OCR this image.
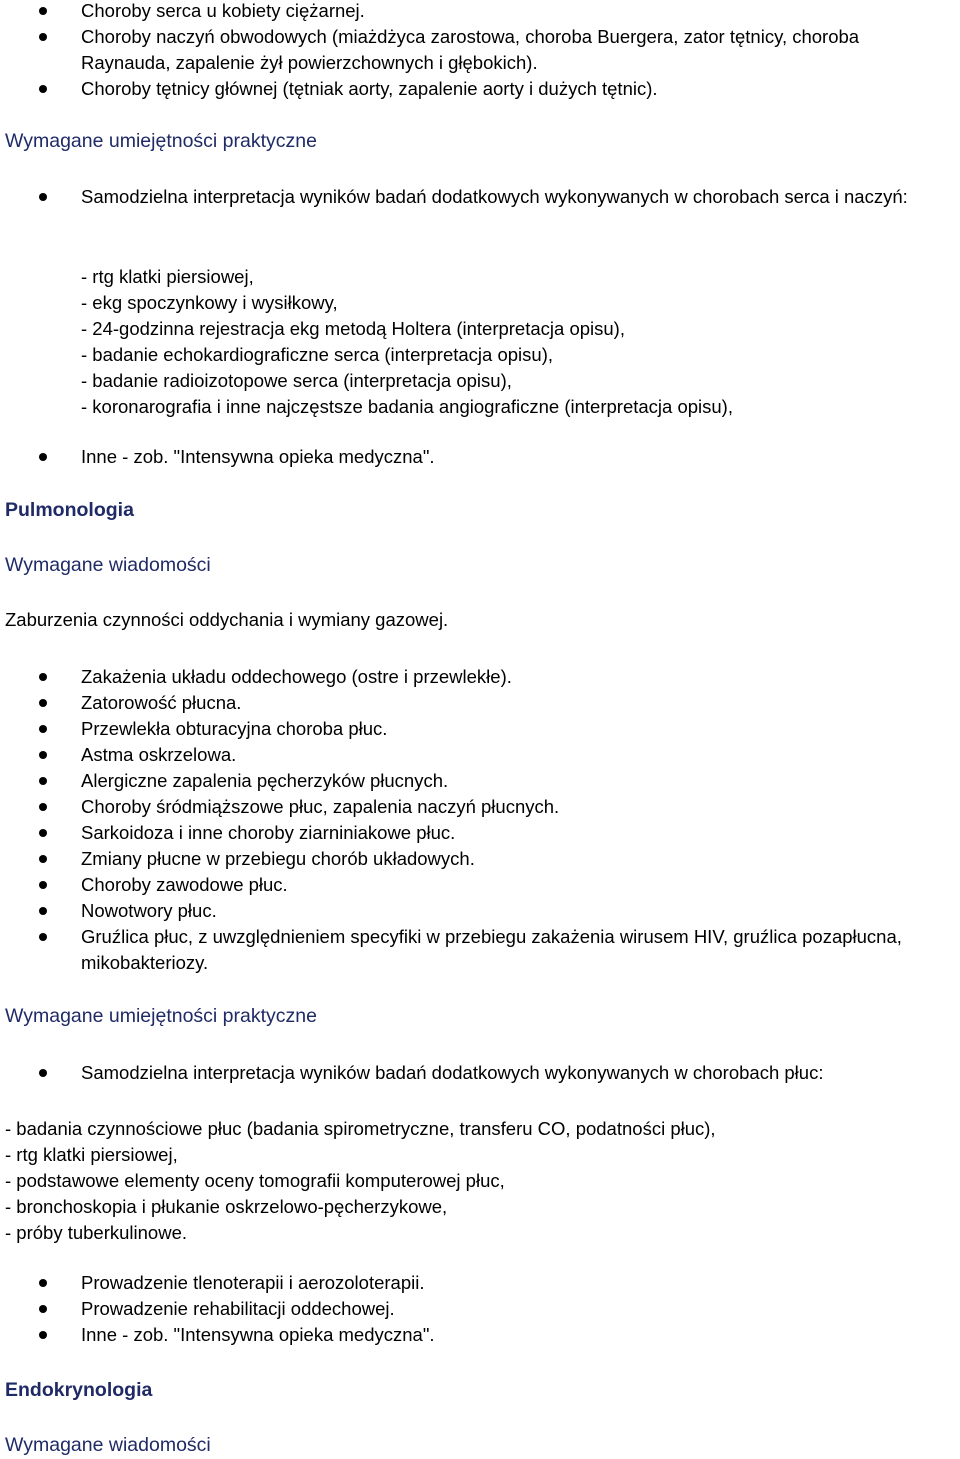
Choroby serca u kobiety ciężarnej.
Choroby naczyń obwodowych (miażdżyca zarostowa, choroba Buergera, zator tętnicy, choroba Raynauda, zapalenie żył powierzchownych i głębokich).
Choroby tętnicy głównej (tętniak aorty, zapalenie aorty i dużych tętnic).
Wymagane umiejętności praktyczne
Samodzielna interpretacja wyników badań dodatkowych wykonywanych w chorobach serca i naczyń:
- rtg klatki piersiowej,
- ekg spoczynkowy i wysiłkowy,
- 24-godzinna rejestracja ekg metodą Holtera (interpretacja opisu),
- badanie echokardiograficzne serca (interpretacja opisu),
- badanie radioizotopowe serca (interpretacja opisu),
- koronarografia i inne najczęstsze badania angiograficzne (interpretacja opisu),
Inne - zob. "Intensywna opieka medyczna".
Pulmonologia
Wymagane wiadomości

Zaburzenia czynności oddychania i wymiany gazowej.

Zakażenia układu oddechowego (ostre i przewlekłe).
Zatorowość płucna.
Przewlekła obturacyjna choroba płuc.
Astma oskrzelowa.
Alergiczne zapalenia pęcherzyków płucnych.
Choroby śródmiąższowe płuc, zapalenia naczyń płucnych.
Sarkoidoza i inne choroby ziarniniakowe płuc.
Zmiany płucne w przebiegu chorób układowych.
Choroby zawodowe płuc.
Nowotwory płuc.
Gruźlica płuc, z uwzględnieniem specyfiki w przebiegu zakażenia wirusem HIV, gruźlica pozapłucna, mikobakteriozy.
Wymagane umiejętności praktyczne
Samodzielna interpretacja wyników badań dodatkowych wykonywanych w chorobach płuc:
- badania czynnościowe płuc (badania spirometryczne, transferu CO, podatności płuc),
- rtg klatki piersiowej,
- podstawowe elementy oceny tomografii komputerowej płuc,
- bronchoskopia i płukanie oskrzelowo-pęcherzykowe,
- próby tuberkulinowe.
Prowadzenie tlenoterapii i aerozoloterapii.
Prowadzenie rehabilitacji oddechowej.
Inne - zob. "Intensywna opieka medyczna".
Endokrynologia
Wymagane wiadomości
